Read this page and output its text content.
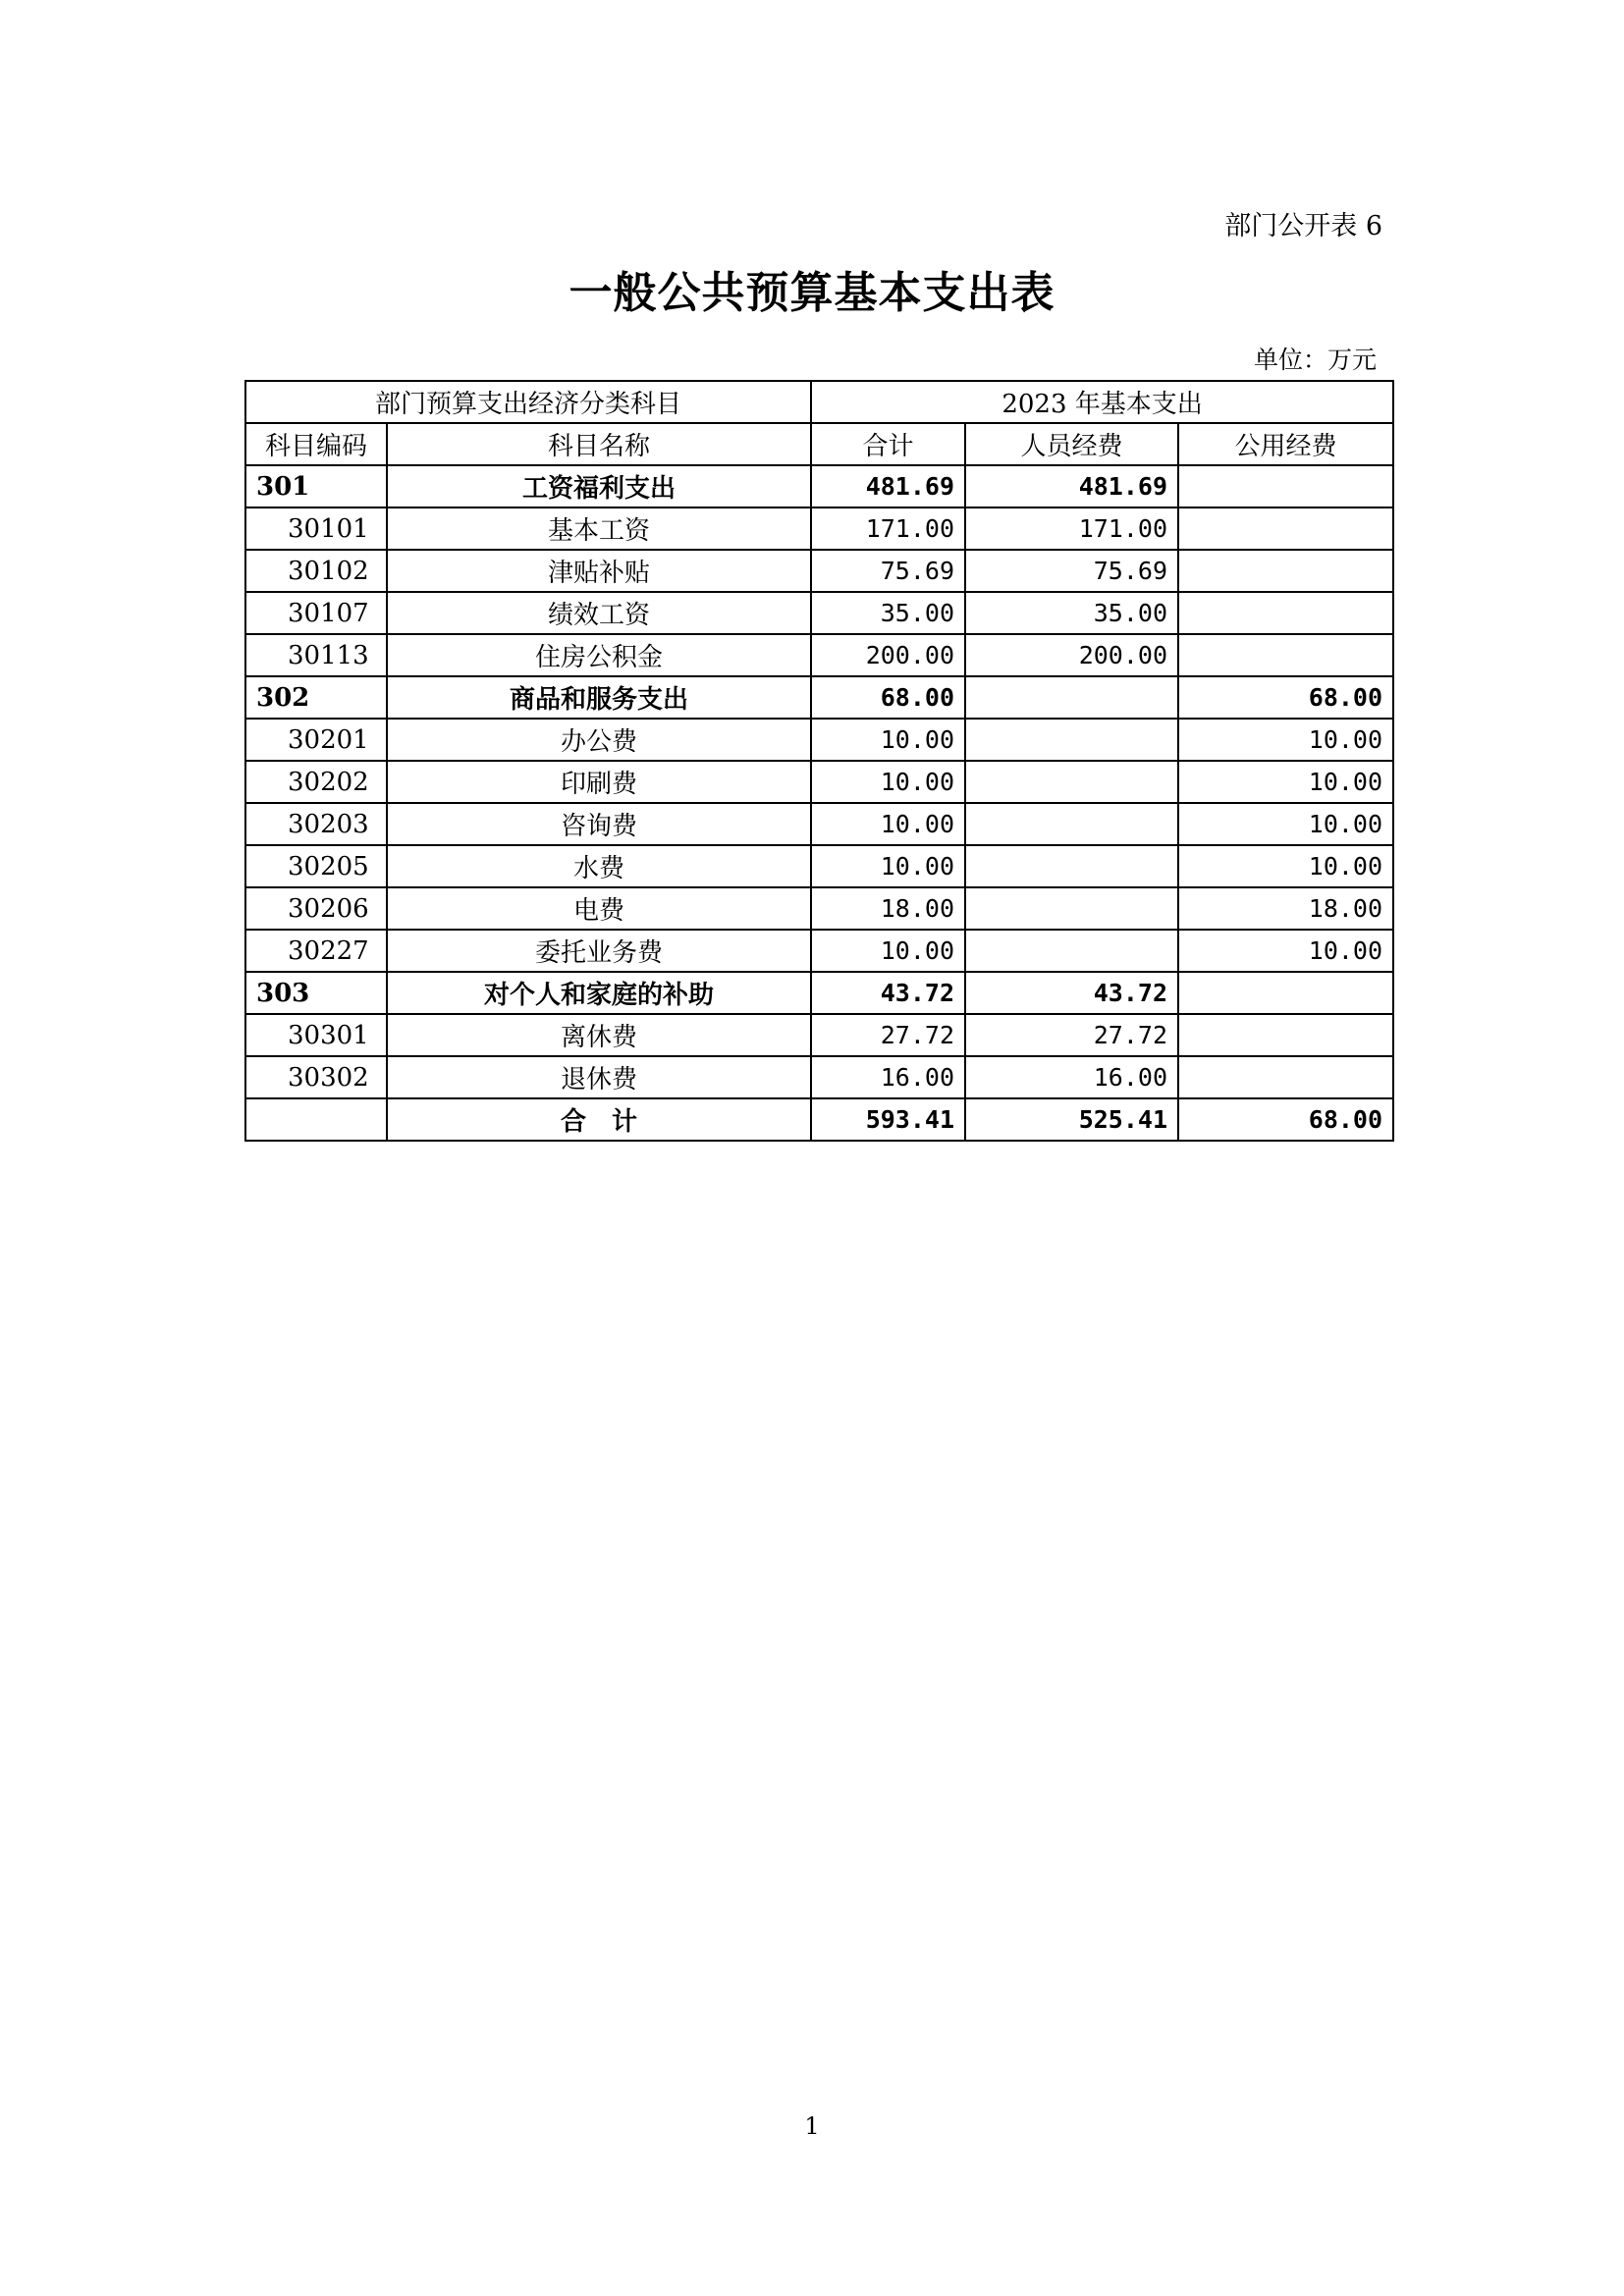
部门公开表 6
一般公共预算基本支出表
单位：万元
部门预算支出经济分类科目		2023 年基本支出		
科目编码	科目名称	合计	人员经费	公用经费
301	工资福利支出	481.69	481.69	
30101	基本工资	171.00	171.00	
30102	津贴补贴	75.69	75.69	
30107	绩效工资	35.00	35.00	
30113	住房公积金	200.00	200.00	
302	商品和服务支出	68.00		68.00
30201	办公费	10.00		10.00
30202	印刷费	10.00		10.00
30203	咨询费	10.00		10.00
30205	水费	10.00		10.00
30206	电费	18.00		18.00
30227	委托业务费	10.00		10.00
303	对个人和家庭的补助	43.72	43.72	
30301	离休费	27.72	27.72	
30302	退休费	16.00	16.00	
	合　计	593.41	525.41	68.00
1
